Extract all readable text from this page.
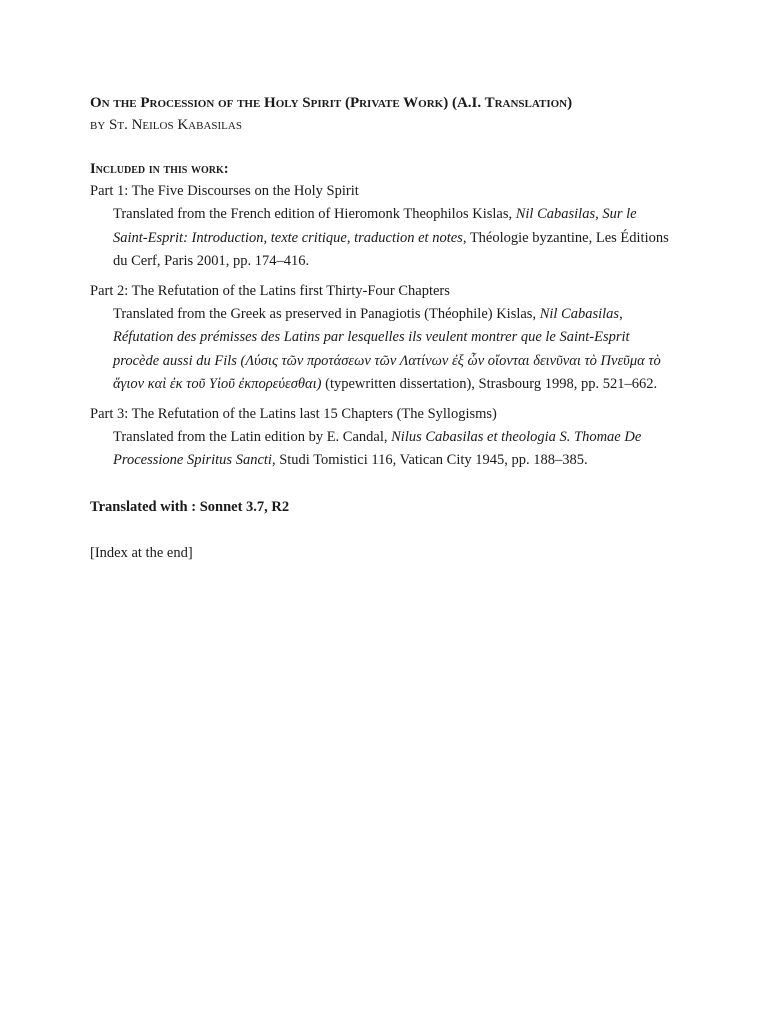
On the Procession of the Holy Spirit (Private Work) (A.I. Translation)
by St. Neilos Kabasilas
Included in this work:
Part 1: The Five Discourses on the Holy Spirit
Translated from the French edition of Hieromonk Theophilos Kislas, Nil Cabasilas, Sur le Saint-Esprit: Introduction, texte critique, traduction et notes, Théologie byzantine, Les Éditions du Cerf, Paris 2001, pp. 174–416.
Part 2: The Refutation of the Latins first Thirty-Four Chapters
Translated from the Greek as preserved in Panagiotis (Théophile) Kislas, Nil Cabasilas, Réfutation des prémisses des Latins par lesquelles ils veulent montrer que le Saint-Esprit procède aussi du Fils (Λύσις τῶν προτάσεων τῶν Λατίνων ἐξ ὧν οἴονται δεινῦναι τὸ Πνεῦμα τὸ ἅγιον καὶ ἐκ τοῦ Υἱοῦ ἐκπορεύεσθαι) (typewritten dissertation), Strasbourg 1998, pp. 521–662.
Part 3: The Refutation of the Latins last 15 Chapters (The Syllogisms)
Translated from the Latin edition by E. Candal, Nilus Cabasilas et theologia S. Thomae De Processione Spiritus Sancti, Studi Tomistici 116, Vatican City 1945, pp. 188–385.
Translated with : Sonnet 3.7, R2
[Index at the end]
